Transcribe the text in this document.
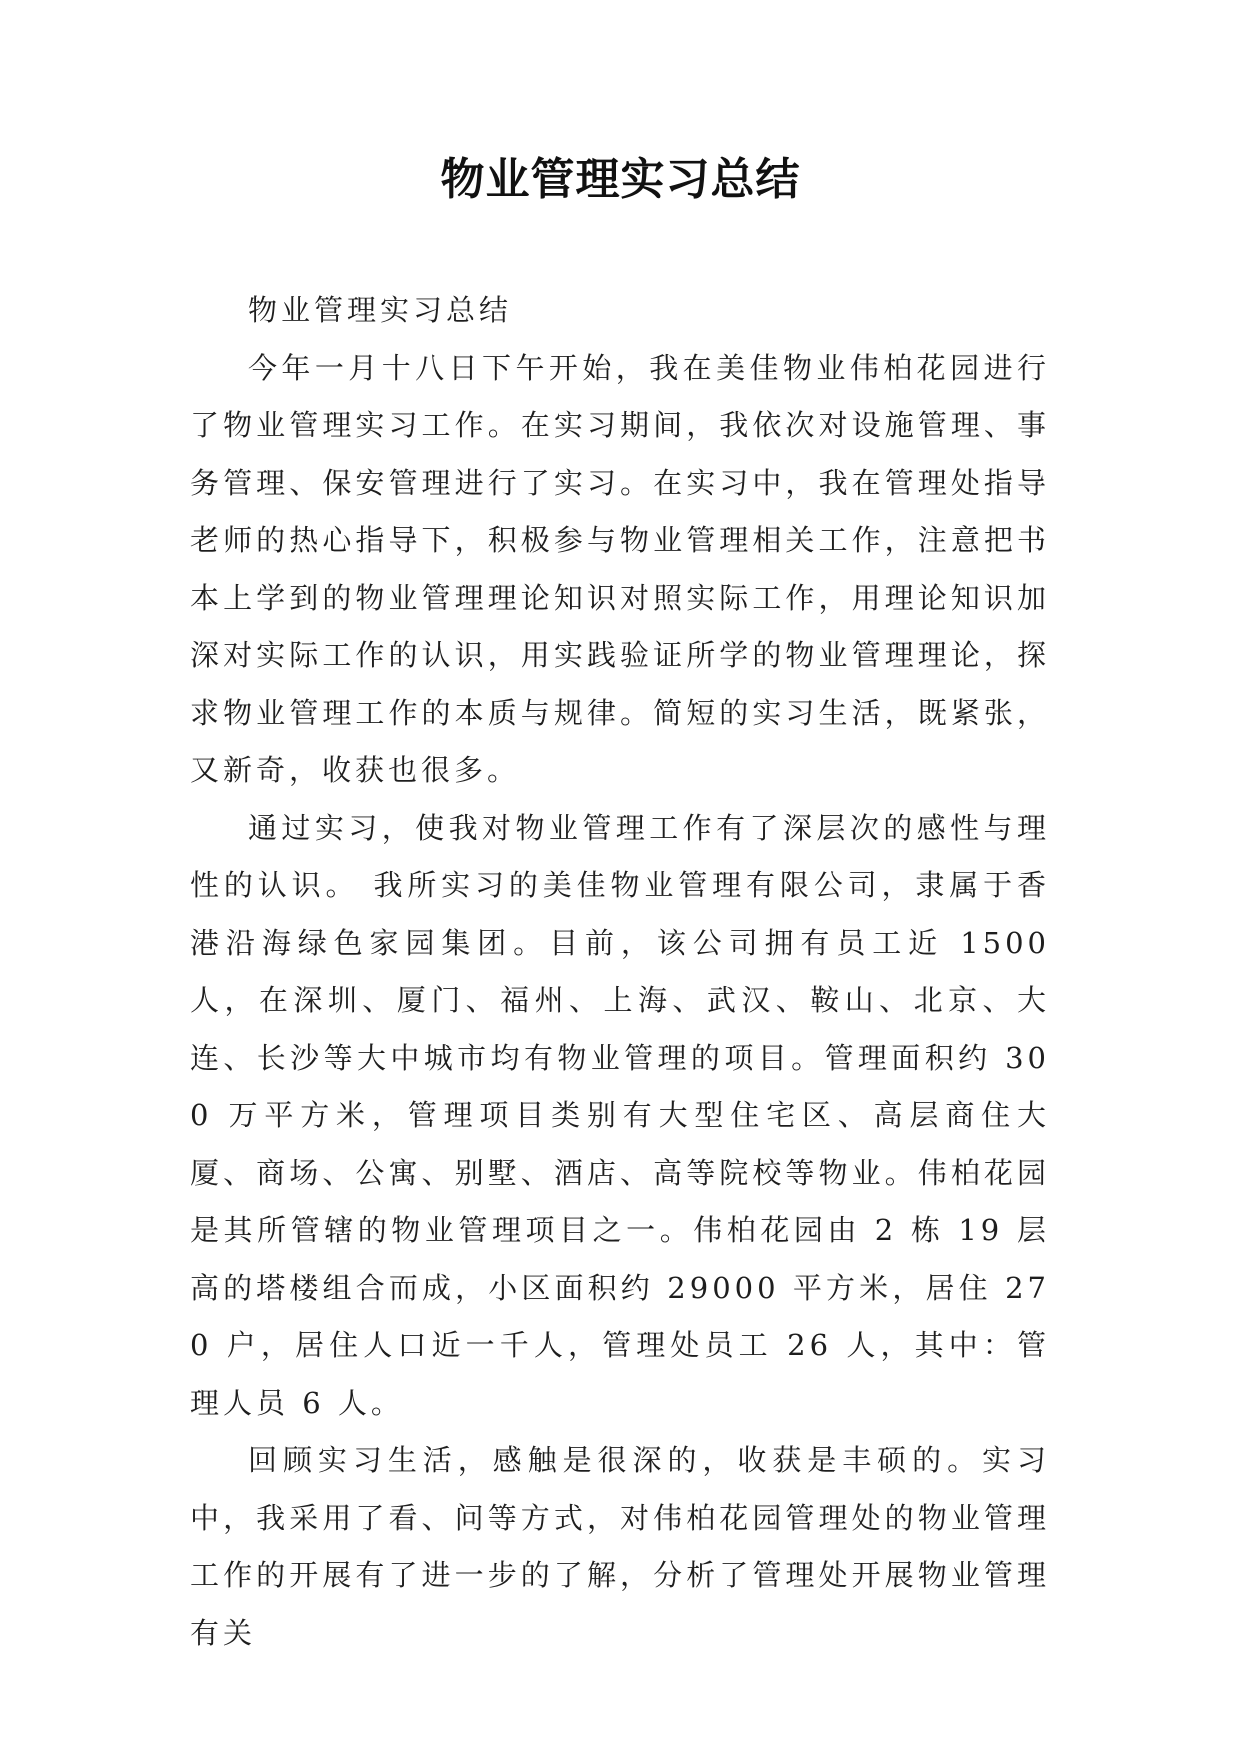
物业管理实习总结

物业管理实习总结

今年一月十八日下午开始，我在美佳物业伟柏花园进行了物业管理实习工作。在实习期间，我依次对设施管理、事务管理、保安管理进行了实习。在实习中，我在管理处指导老师的热心指导下，积极参与物业管理相关工作，注意把书本上学到的物业管理理论知识对照实际工作，用理论知识加深对实际工作的认识，用实践验证所学的物业管理理论，探求物业管理工作的本质与规律。简短的实习生活，既紧张，又新奇，收获也很多。

通过实习，使我对物业管理工作有了深层次的感性与理性的认识。 我所实习的美佳物业管理有限公司，隶属于香港沿海绿色家园集团。目前，该公司拥有员工近 1500 人，在深圳、厦门、福州、上海、武汉、鞍山、北京、大连、长沙等大中城市均有物业管理的项目。管理面积约 300 万平方米，管理项目类别有大型住宅区、高层商住大厦、商场、公寓、别墅、酒店、高等院校等物业。伟柏花园是其所管辖的物业管理项目之一。伟柏花园由 2 栋 19 层高的塔楼组合而成，小区面积约 29000 平方米，居住 270 户，居住人口近一千人，管理处员工 26 人，其中：管理人员 6 人。

回顾实习生活，感触是很深的，收获是丰硕的。实习中，我采用了看、问等方式，对伟柏花园管理处的物业管理工作的开展有了进一步的了解，分析了管理处开展物业管理有关
